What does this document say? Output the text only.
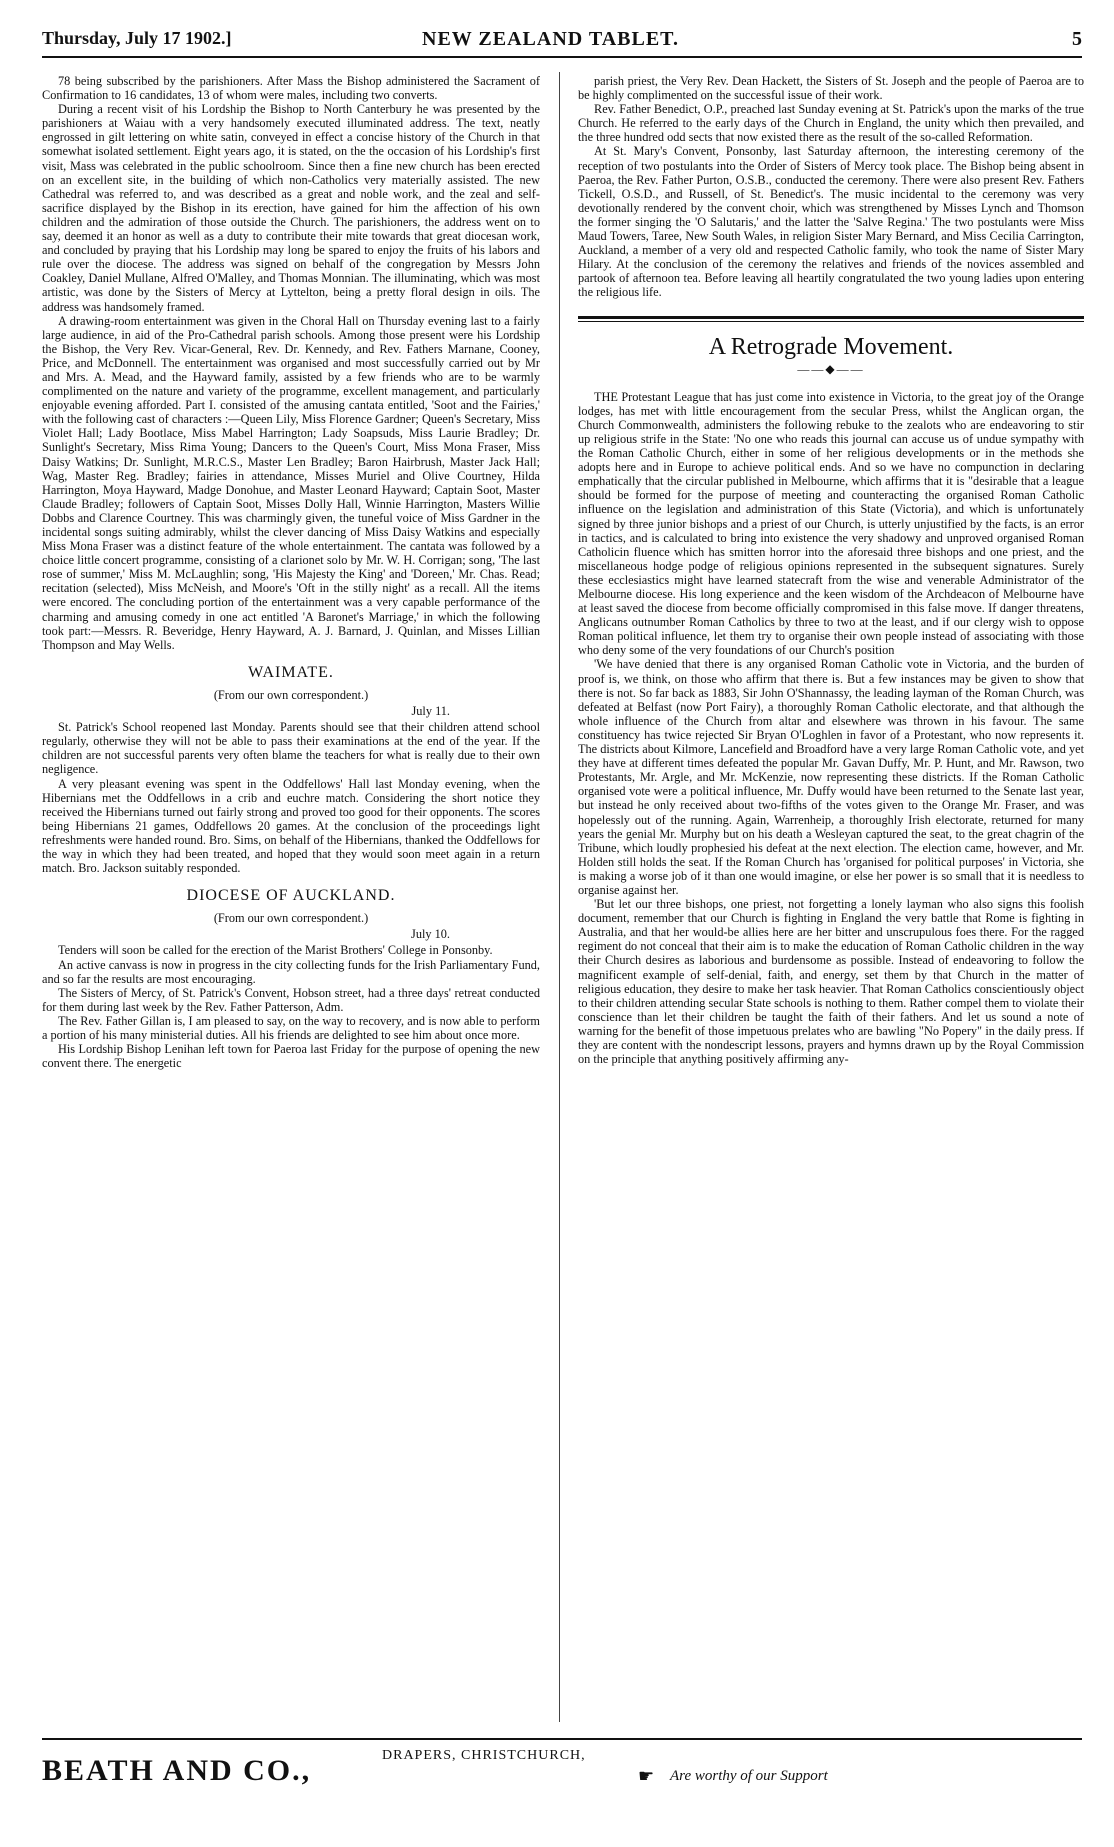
Thursday, July 17 1902.]	NEW ZEALAND TABLET.	5

78 being subscribed by the parishioners. After Mass the Bishop administered the Sacrament of Confirmation to 16 candidates, 13 of whom were males, including two converts.

During a recent visit of his Lordship the Bishop to North Canterbury he was presented by the parishioners at Waiau with a very handsomely executed illuminated address. The text, neatly engrossed in gilt lettering on white satin, conveyed in effect a concise history of the Church in that somewhat isolated settlement. Eight years ago, it is stated, on the the occasion of his Lordship's first visit, Mass was celebrated in the public schoolroom. Since then a fine new church has been erected on an excellent site, in the building of which non-Catholics very materially assisted. The new Cathedral was referred to, and was described as a great and noble work, and the zeal and self-sacrifice displayed by the Bishop in its erection, have gained for him the affection of his own children and the admiration of those outside the Church. The parishioners, the address went on to say, deemed it an honor as well as a duty to contribute their mite towards that great diocesan work, and concluded by praying that his Lordship may long be spared to enjoy the fruits of his labors and rule over the diocese. The address was signed on behalf of the congregation by Messrs John Coakley, Daniel Mullane, Alfred O'Malley, and Thomas Monnian. The illuminating, which was most artistic, was done by the Sisters of Mercy at Lyttelton, being a pretty floral design in oils. The address was handsomely framed.

A drawing-room entertainment was given in the Choral Hall on Thursday evening last to a fairly large audience, in aid of the Pro-Cathedral parish schools. Among those present were his Lordship the Bishop, the Very Rev. Vicar-General, Rev. Dr. Kennedy, and Rev. Fathers Marnane, Cooney, Price, and McDonnell. The entertainment was organised and most successfully carried out by Mr and Mrs. A. Mead, and the Hayward family, assisted by a few friends who are to be warmly complimented on the nature and variety of the programme, excellent management, and particularly enjoyable evening afforded. Part I. consisted of the amusing cantata entitled, 'Soot and the Fairies,' with the following cast of characters :—Queen Lily, Miss Florence Gardner; Queen's Secretary, Miss Violet Hall; Lady Bootlace, Miss Mabel Harrington; Lady Soapsuds, Miss Laurie Bradley; Dr. Sunlight's Secretary, Miss Rima Young; Dancers to the Queen's Court, Miss Mona Fraser, Miss Daisy Watkins; Dr. Sunlight, M.R.C.S., Master Len Bradley; Baron Hairbrush, Master Jack Hall; Wag, Master Reg. Bradley; fairies in attendance, Misses Muriel and Olive Courtney, Hilda Harrington, Moya Hayward, Madge Donohue, and Master Leonard Hayward; Captain Soot, Master Claude Bradley; followers of Captain Soot, Misses Dolly Hall, Winnie Harrington, Masters Willie Dobbs and Clarence Courtney. This was charmingly given, the tuneful voice of Miss Gardner in the incidental songs suiting admirably, whilst the clever dancing of Miss Daisy Watkins and especially Miss Mona Fraser was a distinct feature of the whole entertainment. The cantata was followed by a choice little concert programme, consisting of a clarionet solo by Mr. W. H. Corrigan; song, 'The last rose of summer,' Miss M. McLaughlin; song, 'His Majesty the King' and 'Doreen,' Mr. Chas. Read; recitation (selected), Miss McNeish, and Moore's 'Oft in the stilly night' as a recall. All the items were encored. The concluding portion of the entertainment was a very capable performance of the charming and amusing comedy in one act entitled 'A Baronet's Marriage,' in which the following took part:—Messrs. R. Beveridge, Henry Hayward, A. J. Barnard, J. Quinlan, and Misses Lillian Thompson and May Wells.

WAIMATE.
(From our own correspondent.)
July 11.

St. Patrick's School reopened last Monday. Parents should see that their children attend school regularly, otherwise they will not be able to pass their examinations at the end of the year. If the children are not successful parents very often blame the teachers for what is really due to their own negligence.

A very pleasant evening was spent in the Oddfellows' Hall last Monday evening, when the Hibernians met the Oddfellows in a crib and euchre match. Considering the short notice they received the Hibernians turned out fairly strong and proved too good for their opponents. The scores being Hibernians 21 games, Oddfellows 20 games. At the conclusion of the proceedings light refreshments were handed round. Bro. Sims, on behalf of the Hibernians, thanked the Oddfellows for the way in which they had been treated, and hoped that they would soon meet again in a return match. Bro. Jackson suitably responded.

DIOCESE OF AUCKLAND.
(From our own correspondent.)
July 10.

Tenders will soon be called for the erection of the Marist Brothers' College in Ponsonby.

An active canvass is now in progress in the city collecting funds for the Irish Parliamentary Fund, and so far the results are most encouraging.

The Sisters of Mercy, of St. Patrick's Convent, Hobson street, had a three days' retreat conducted for them during last week by the Rev. Father Patterson, Adm.

The Rev. Father Gillan is, I am pleased to say, on the way to recovery, and is now able to perform a portion of his many ministerial duties. All his friends are delighted to see him about once more.

His Lordship Bishop Lenihan left town for Paeroa last Friday for the purpose of opening the new convent there. The energetic

parish priest, the Very Rev. Dean Hackett, the Sisters of St. Joseph and the people of Paeroa are to be highly complimented on the successful issue of their work.

Rev. Father Benedict, O.P., preached last Sunday evening at St. Patrick's upon the marks of the true Church. He referred to the early days of the Church in England, the unity which then prevailed, and the three hundred odd sects that now existed there as the result of the so-called Reformation.

At St. Mary's Convent, Ponsonby, last Saturday afternoon, the interesting ceremony of the reception of two postulants into the Order of Sisters of Mercy took place. The Bishop being absent in Paeroa, the Rev. Father Purton, O.S.B., conducted the ceremony. There were also present Rev. Fathers Tickell, O.S.D., and Russell, of St. Benedict's. The music incidental to the ceremony was very devotionally rendered by the convent choir, which was strengthened by Misses Lynch and Thomson the former singing the 'O Salutaris,' and the latter the 'Salve Regina.' The two postulants were Miss Maud Towers, Taree, New South Wales, in religion Sister Mary Bernard, and Miss Cecilia Carrington, Auckland, a member of a very old and respected Catholic family, who took the name of Sister Mary Hilary. At the conclusion of the ceremony the relatives and friends of the novices assembled and partook of afternoon tea. Before leaving all heartily congratulated the two young ladies upon entering the religious life.

A Retrograde Movement.
——◆——

THE Protestant League that has just come into existence in Victoria, to the great joy of the Orange lodges, has met with little encouragement from the secular Press, whilst the Anglican organ, the Church Commonwealth, administers the following rebuke to the zealots who are endeavoring to stir up religious strife in the State: 'No one who reads this journal can accuse us of undue sympathy with the Roman Catholic Church, either in some of her religious developments or in the methods she adopts here and in Europe to achieve political ends. And so we have no compunction in declaring emphatically that the circular published in Melbourne, which affirms that it is "desirable that a league should be formed for the purpose of meeting and counteracting the organised Roman Catholic influence on the legislation and administration of this State (Victoria), and which is unfortunately signed by three junior bishops and a priest of our Church, is utterly unjustified by the facts, is an error in tactics, and is calculated to bring into existence the very shadowy and unproved organised Roman Catholicin fluence which has smitten horror into the aforesaid three bishops and one priest, and the miscellaneous hodge podge of religious opinions represented in the subsequent signatures. Surely these ecclesiastics might have learned statecraft from the wise and venerable Administrator of the Melbourne diocese. His long experience and the keen wisdom of the Archdeacon of Melbourne have at least saved the diocese from become officially compromised in this false move. If danger threatens, Anglicans outnumber Roman Catholics by three to two at the least, and if our clergy wish to oppose Roman political influence, let them try to organise their own people instead of associating with those who deny some of the very foundations of our Church's position

'We have denied that there is any organised Roman Catholic vote in Victoria, and the burden of proof is, we think, on those who affirm that there is. But a few instances may be given to show that there is not. So far back as 1883, Sir John O'Shannassy, the leading layman of the Roman Church, was defeated at Belfast (now Port Fairy), a thoroughly Roman Catholic electorate, and that although the whole influence of the Church from altar and elsewhere was thrown in his favour. The same constituency has twice rejected Sir Bryan O'Loghlen in favor of a Protestant, who now represents it. The districts about Kilmore, Lancefield and Broadford have a very large Roman Catholic vote, and yet they have at different times defeated the popular Mr. Gavan Duffy, Mr. P. Hunt, and Mr. Rawson, two Protestants, Mr. Argle, and Mr. McKenzie, now representing these districts. If the Roman Catholic organised vote were a political influence, Mr. Duffy would have been returned to the Senate last year, but instead he only received about two-fifths of the votes given to the Orange Mr. Fraser, and was hopelessly out of the running. Again, Warrenheip, a thoroughly Irish electorate, returned for many years the genial Mr. Murphy but on his death a Wesleyan captured the seat, to the great chagrin of the Tribune, which loudly prophesied his defeat at the next election. The election came, however, and Mr. Holden still holds the seat. If the Roman Church has 'organised for political purposes' in Victoria, she is making a worse job of it than one would imagine, or else her power is so small that it is needless to organise against her.

'But let our three bishops, one priest, not forgetting a lonely layman who also signs this foolish document, remember that our Church is fighting in England the very battle that Rome is fighting in Australia, and that her would-be allies here are her bitter and unscrupulous foes there. For the ragged regiment do not conceal that their aim is to make the education of Roman Catholic children in the way their Church desires as laborious and burdensome as possible. Instead of endeavoring to follow the magnificent example of self-denial, faith, and energy, set them by that Church in the matter of religious education, they desire to make her task heavier. That Roman Catholics conscientiously object to their children attending secular State schools is nothing to them. Rather compel them to violate their conscience than let their children be taught the faith of their fathers. And let us sound a note of warning for the benefit of those impetuous prelates who are bawling "No Popery" in the daily press. If they are content with the nondescript lessons, prayers and hymns drawn up by the Royal Commission on the principle that anything positively affirming any-

BEATH AND CO.,	DRAPERS, CHRISTCHURCH,
☛ Are worthy of our Support
